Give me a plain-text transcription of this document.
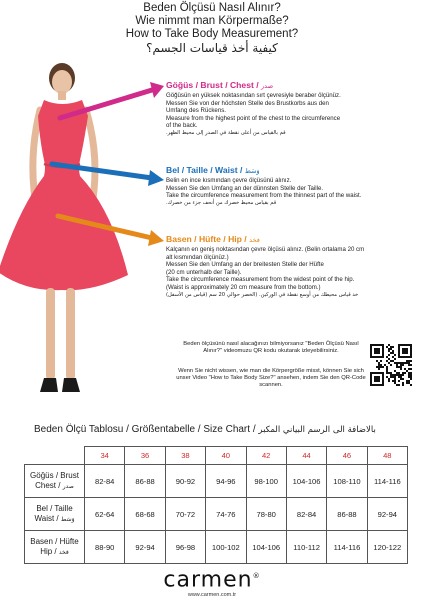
Beden Ölçüsü Nasıl Alınır?
Wie nimmt man Körpermaße?
How to Take Body Measurement?
كيفية أخذ قياسات الجسم؟
Göğüs / Brust / Chest / صدر
Göğüsün en yüksek noktasından sırt çevresiyle beraber ölçünüz.
Messen Sie von der höchsten Stelle des Brustkorbs aus den
Umfang des Rückens.
Measure from the highest point of the chest to the circumference
of the back.
قم بالقياس من أعلى نقطة في الصدر إلى محيط الظهر.
Bel / Taille / Waist / وَسَط
Belin en ince kısmından çevre ölçüsünü alınız.
Messen Sie den Umfang an der dünnsten Stelle der Taille.
Take the circumference measurement from the thinnest part of the waist.
قم بقياس محيط خصرك من أنحف جزء من خصرك.
Basen / Hüfte / Hip / فخد
Kalçanın en geniş noktasından çevre ölçüsü alınız. (Belin ortalama 20 cm
alt kısmından ölçünüz.)
Messen Sie den Umfang an der breitesten Stelle der Hüfte
(20 cm unterhalb der Taille).
Take the circumference measurement from the widest point of the hip.
(Waist is approximately 20 cm measure from the bottom.)
خذ قياس محيطك من أوسع نقطة في الوركين. (الخصر حوالي 20 سم (قياس من الأسفل)
Beden ölçüsünü nasıl alacağınızı bilmiyorsanız "Beden Ölçüsü Nasıl Alınır?" videomuzu QR kodu okutarak izleyebilirsiniz.
Wenn Sie nicht wissen, wie man die Körpergröße misst, können Sie sich unser Video "How to Take Body Size?" ansehen, indem Sie den QR-Code scannen.
Beden Ölçü Tablosu / Größentabelle / Size Chart / بالاضافة الى الرسم البياني المكبر
	34	36	38	40	42	44	46	48
Göğüs / Brust
Chest / صدر	82-84	86-88	90-92	94-96	98-100	104-106	108-110	114-116
Bel / Taille
Waist / وَسَط	62-64	68-68	70-72	74-76	78-80	82-84	86-88	92-94
Basen / Hüfte
Hip / فخد	88-90	92-94	96-98	100-102	104-106	110-112	114-116	120-122
carmen®
www.carmen.com.tr
